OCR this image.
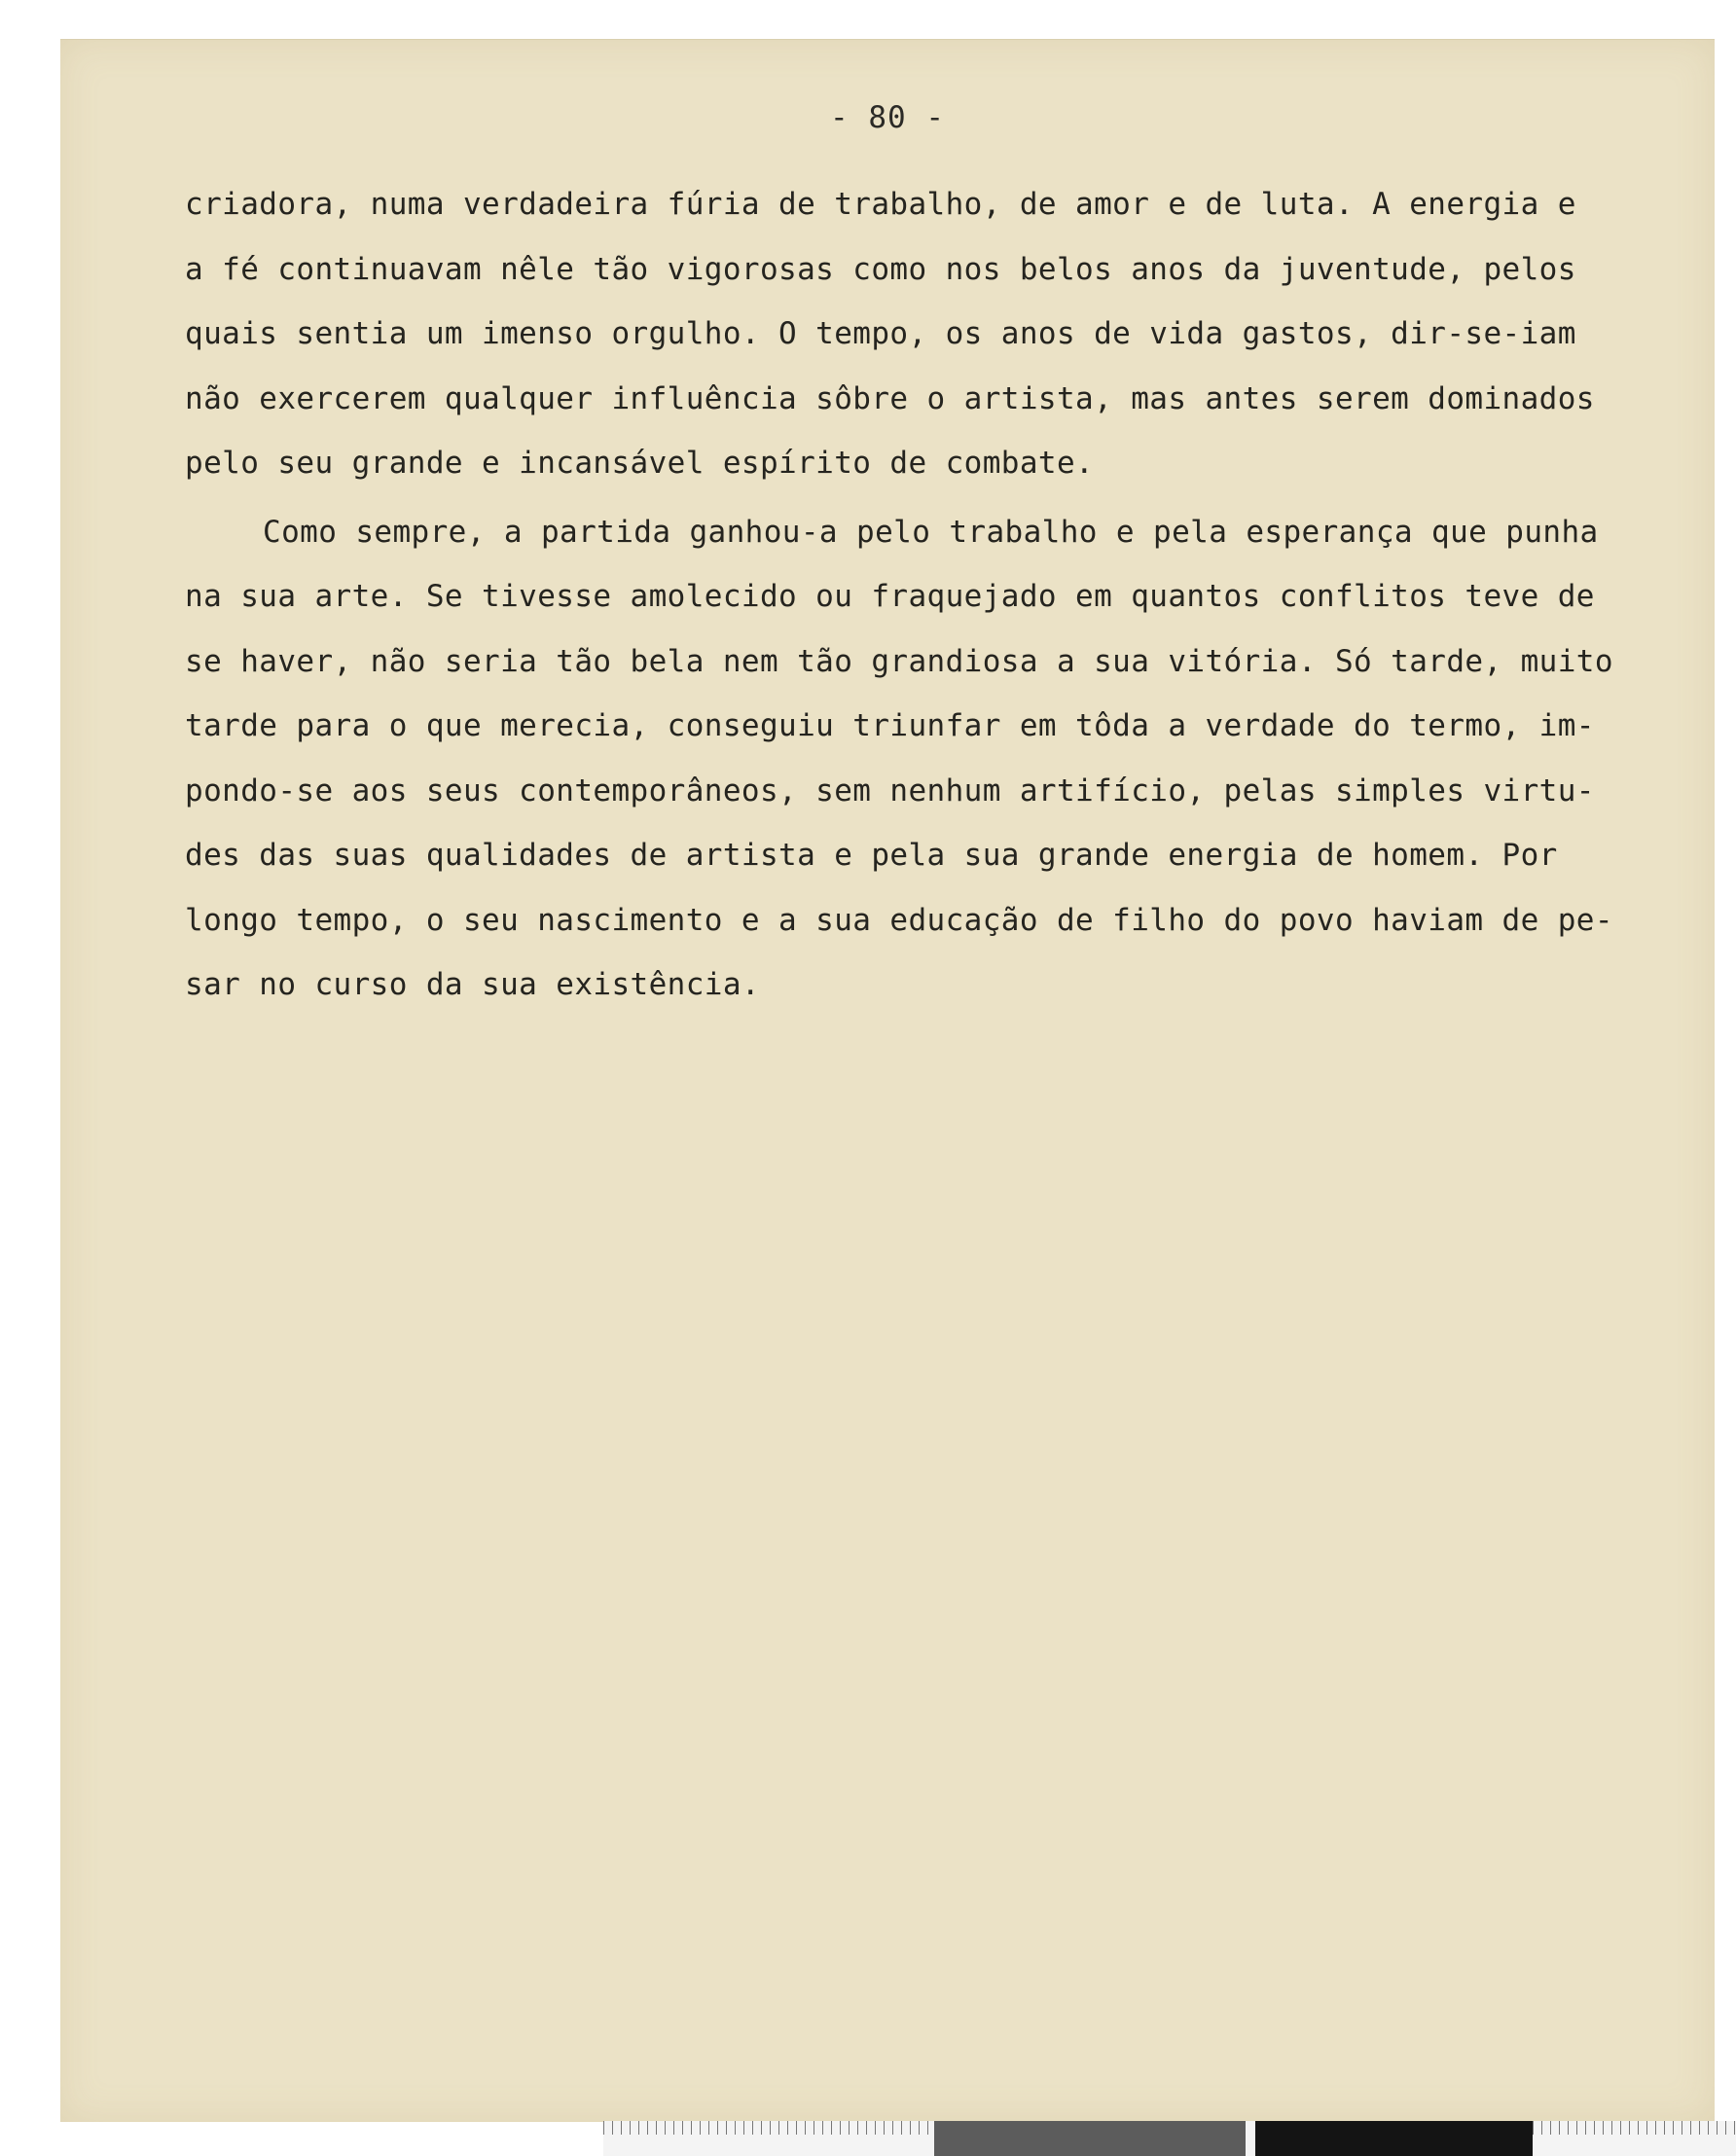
- 80 -
criadora, numa verdadeira fúria de trabalho, de amor e de luta. A energia e
a fé continuavam nêle tão vigorosas como nos belos anos da juventude, pelos
quais sentia um imenso orgulho. O tempo, os anos de vida gastos, dir-se-iam
não exercerem qualquer influência sôbre o artista, mas antes serem dominados
pelo seu grande e incansável espírito de combate.
Como sempre, a partida ganhou-a pelo trabalho e pela esperança que punha
na sua arte. Se tivesse amolecido ou fraquejado em quantos conflitos teve de
se haver, não seria tão bela nem tão grandiosa a sua vitória. Só tarde, muito
tarde para o que merecia, conseguiu triunfar em tôda a verdade do termo, im-
pondo-se aos seus contemporâneos, sem nenhum artifício, pelas simples virtu-
des das suas qualidades de artista e pela sua grande energia de homem. Por
longo tempo, o seu nascimento e a sua educação de filho do povo haviam de pe-
sar no curso da sua existência.
